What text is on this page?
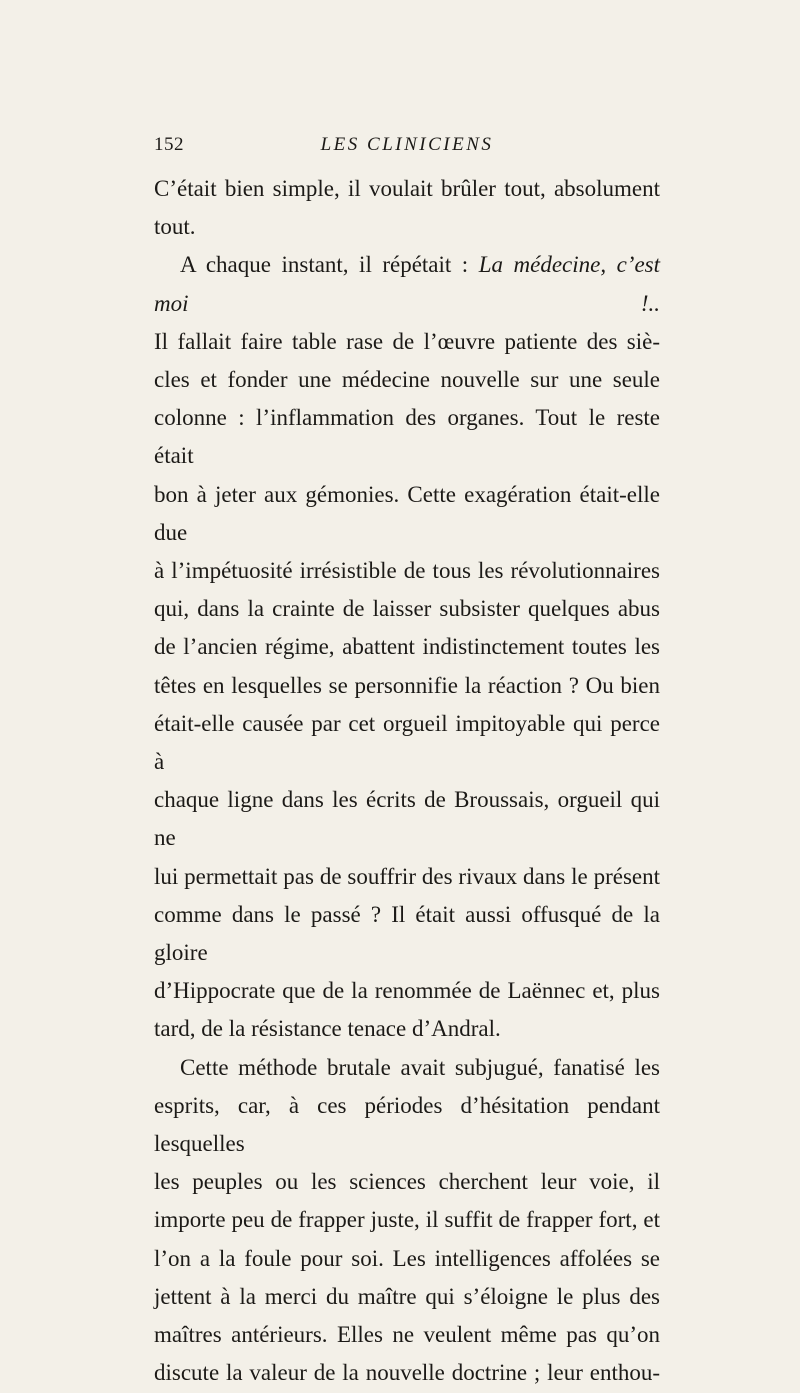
152	LES CLINICIENS

C’était bien simple, il voulait brûler tout, absolument

tout.

A chaque instant, il répétait : La médecine, c’est moi !..

Il fallait faire table rase de l’œuvre patiente des siè-

cles et fonder une médecine nouvelle sur une seule

colonne : l’inflammation des organes. Tout le reste était

bon à jeter aux gémonies. Cette exagération était-elle due

à l’impétuosité irrésistible de tous les révolutionnaires

qui, dans la crainte de laisser subsister quelques abus

de l’ancien régime, abattent indistinctement toutes les

têtes en lesquelles se personnifie la réaction ? Ou bien

était-elle causée par cet orgueil impitoyable qui perce à

chaque ligne dans les écrits de Broussais, orgueil qui ne

lui permettait pas de souffrir des rivaux dans le présent

comme dans le passé ? Il était aussi offusqué de la gloire

d’Hippocrate que de la renommée de Laënnec et, plus

tard, de la résistance tenace d’Andral.

Cette méthode brutale avait subjugué, fanatisé les

esprits, car, à ces périodes d’hésitation pendant lesquelles

les peuples ou les sciences cherchent leur voie, il

importe peu de frapper juste, il suffit de frapper fort, et

l’on a la foule pour soi. Les intelligences affolées se

jettent à la merci du maître qui s’éloigne le plus des

maîtres antérieurs. Elles ne veulent même pas qu’on

discute la valeur de la nouvelle doctrine ; leur enthou-
